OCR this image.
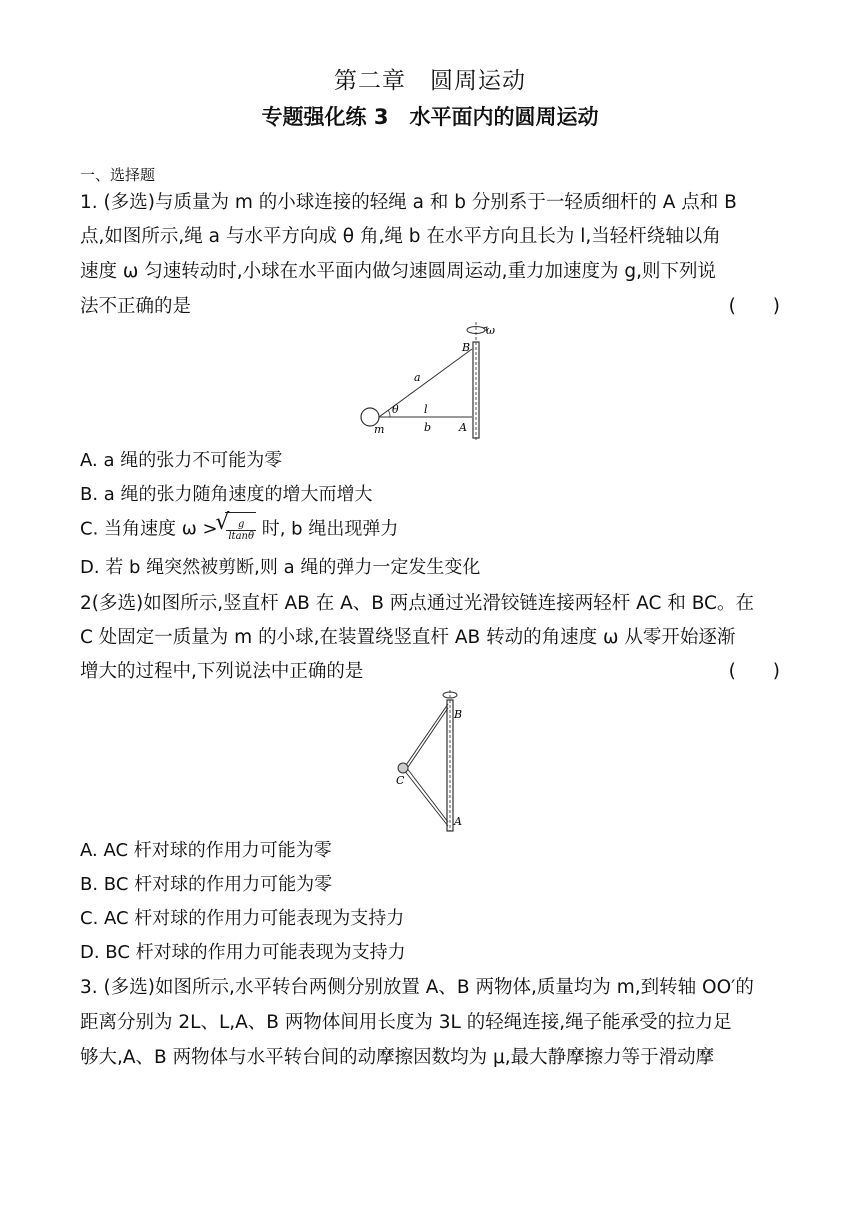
第二章　圆周运动
专题强化练 3　水平面内的圆周运动
一、选择题
1. (多选)与质量为 m 的小球连接的轻绳 a 和 b 分别系于一轻质细杆的 A 点和 B
点,如图所示,绳 a 与水平方向成 θ 角,绳 b 在水平方向且长为 l,当轻杆绕轴以角
速度 ω 匀速转动时,小球在水平面内做匀速圆周运动,重力加速度为 g,则下列说
法不正确的是	(　　)
ω
B
a
θ l
m	b	A
A. a 绳的张力不可能为零
B. a 绳的张力随角速度的增大而增大
C. 当角速度 ω >
√ $\frac{g}{ltan\theta}$ 时, b 绳出现弹力
D. 若 b 绳突然被剪断,则 a 绳的弹力一定发生变化
2(多选)如图所示,竖直杆 AB 在 A、B 两点通过光滑铰链连接两轻杆 AC 和 BC。在
C 处固定一质量为 m 的小球,在装置绕竖直杆 AB 转动的角速度 ω 从零开始逐渐
增大的过程中,下列说法中正确的是	(　　)
B
C
A
A. AC 杆对球的作用力可能为零
B. BC 杆对球的作用力可能为零
C. AC 杆对球的作用力可能表现为支持力
D. BC 杆对球的作用力可能表现为支持力
3. (多选)如图所示,水平转台两侧分别放置 A、B 两物体,质量均为 m,到转轴 OO′的
距离分别为 2L、L,A、B 两物体间用长度为 3L 的轻绳连接,绳子能承受的拉力足
够大,A、B 两物体与水平转台间的动摩擦因数均为 μ,最大静摩擦力等于滑动摩
